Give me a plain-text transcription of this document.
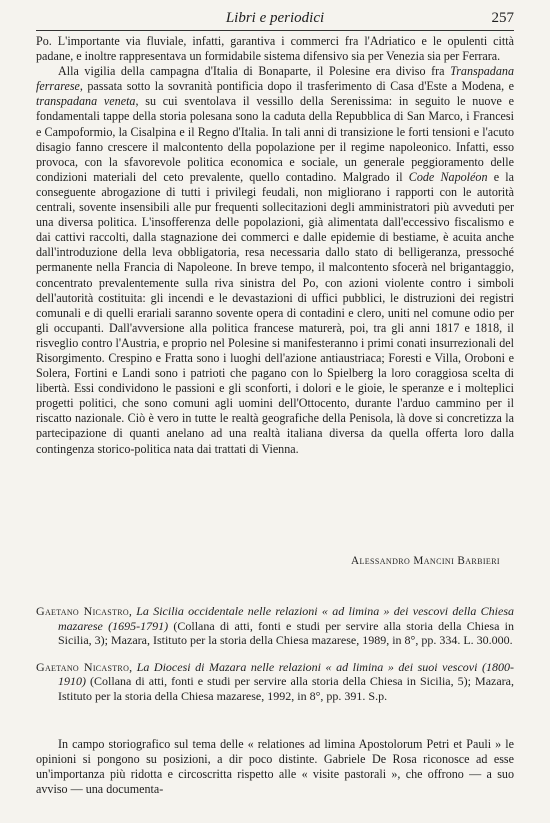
Libri e periodici	257

Po. L'importante via fluviale, infatti, garantiva i commerci fra l'Adriatico e le opulenti città padane, e inoltre rappresentava un formidabile sistema difensivo sia per Venezia sia per Ferrara.

Alla vigilia della campagna d'Italia di Bonaparte, il Polesine era diviso fra Transpadana ferrarese, passata sotto la sovranità pontificia dopo il trasferimento di Casa d'Este a Modena, e transpadana veneta, su cui sventolava il vessillo della Serenissima: in seguito le nuove e fondamentali tappe della storia polesana sono la caduta della Repubblica di San Marco, i Francesi e Campoformio, la Cisalpina e il Regno d'Italia. In tali anni di transizione le forti tensioni e l'acuto disagio fanno crescere il malcontento della popolazione per il regime napoleonico. Infatti, esso provoca, con la sfavorevole politica economica e sociale, un generale peggioramento delle condizioni materiali del ceto prevalente, quello contadino. Malgrado il Code Napoléon e la conseguente abrogazione di tutti i privilegi feudali, non migliorano i rapporti con le autorità centrali, sovente insensibili alle pur frequenti sollecitazioni degli amministratori più avveduti per una diversa politica. L'insofferenza delle popolazioni, già alimentata dall'eccessivo fiscalismo e dai cattivi raccolti, dalla stagnazione dei commerci e dalle epidemie di bestiame, è acuita anche dall'introduzione della leva obbligatoria, resa necessaria dallo stato di belligeranza, pressoché permanente nella Francia di Napoleone. In breve tempo, il malcontento sfocerà nel brigantaggio, concentrato prevalentemente sulla riva sinistra del Po, con azioni violente contro i simboli dell'autorità costituita: gli incendi e le devastazioni di uffici pubblici, le distruzioni dei registri comunali e di quelli erariali saranno sovente opera di contadini e clero, uniti nel comune odio per gli occupanti. Dall'avversione alla politica francese maturerà, poi, tra gli anni 1817 e 1818, il risveglio contro l'Austria, e proprio nel Polesine si manifesteranno i primi conati insurrezionali del Risorgimento. Crespino e Fratta sono i luoghi dell'azione antiaustriaca; Foresti e Villa, Oroboni e Solera, Fortini e Landi sono i patrioti che pagano con lo Spielberg la loro coraggiosa scelta di libertà. Essi condividono le passioni e gli sconforti, i dolori e le gioie, le speranze e i molteplici progetti politici, che sono comuni agli uomini dell'Ottocento, durante l'arduo cammino per il riscatto nazionale. Ciò è vero in tutte le realtà geografiche della Penisola, là dove si concretizza la partecipazione di quanti anelano ad una realtà italiana diversa da quella offerta loro dalla contingenza storico-politica nata dai trattati di Vienna.

Alessandro Mancini Barbieri

Gaetano Nicastro, La Sicilia occidentale nelle relazioni « ad limina » dei vescovi della Chiesa mazarese (1695-1791) (Collana di atti, fonti e studi per servire alla storia della Chiesa in Sicilia, 3); Mazara, Istituto per la storia della Chiesa mazarese, 1989, in 8°, pp. 334. L. 30.000.

Gaetano Nicastro, La Diocesi di Mazara nelle relazioni « ad limina » dei suoi vescovi (1800-1910) (Collana di atti, fonti e studi per servire alla storia della Chiesa in Sicilia, 5); Mazara, Istituto per la storia della Chiesa mazarese, 1992, in 8°, pp. 391. S.p.

In campo storiografico sul tema delle « relationes ad limina Apostolorum Petri et Pauli » le opinioni si pongono su posizioni, a dir poco distinte. Gabriele De Rosa riconosce ad esse un'importanza più ridotta e circoscritta rispetto alle « visite pastorali », che offrono — a suo avviso — una documenta-
